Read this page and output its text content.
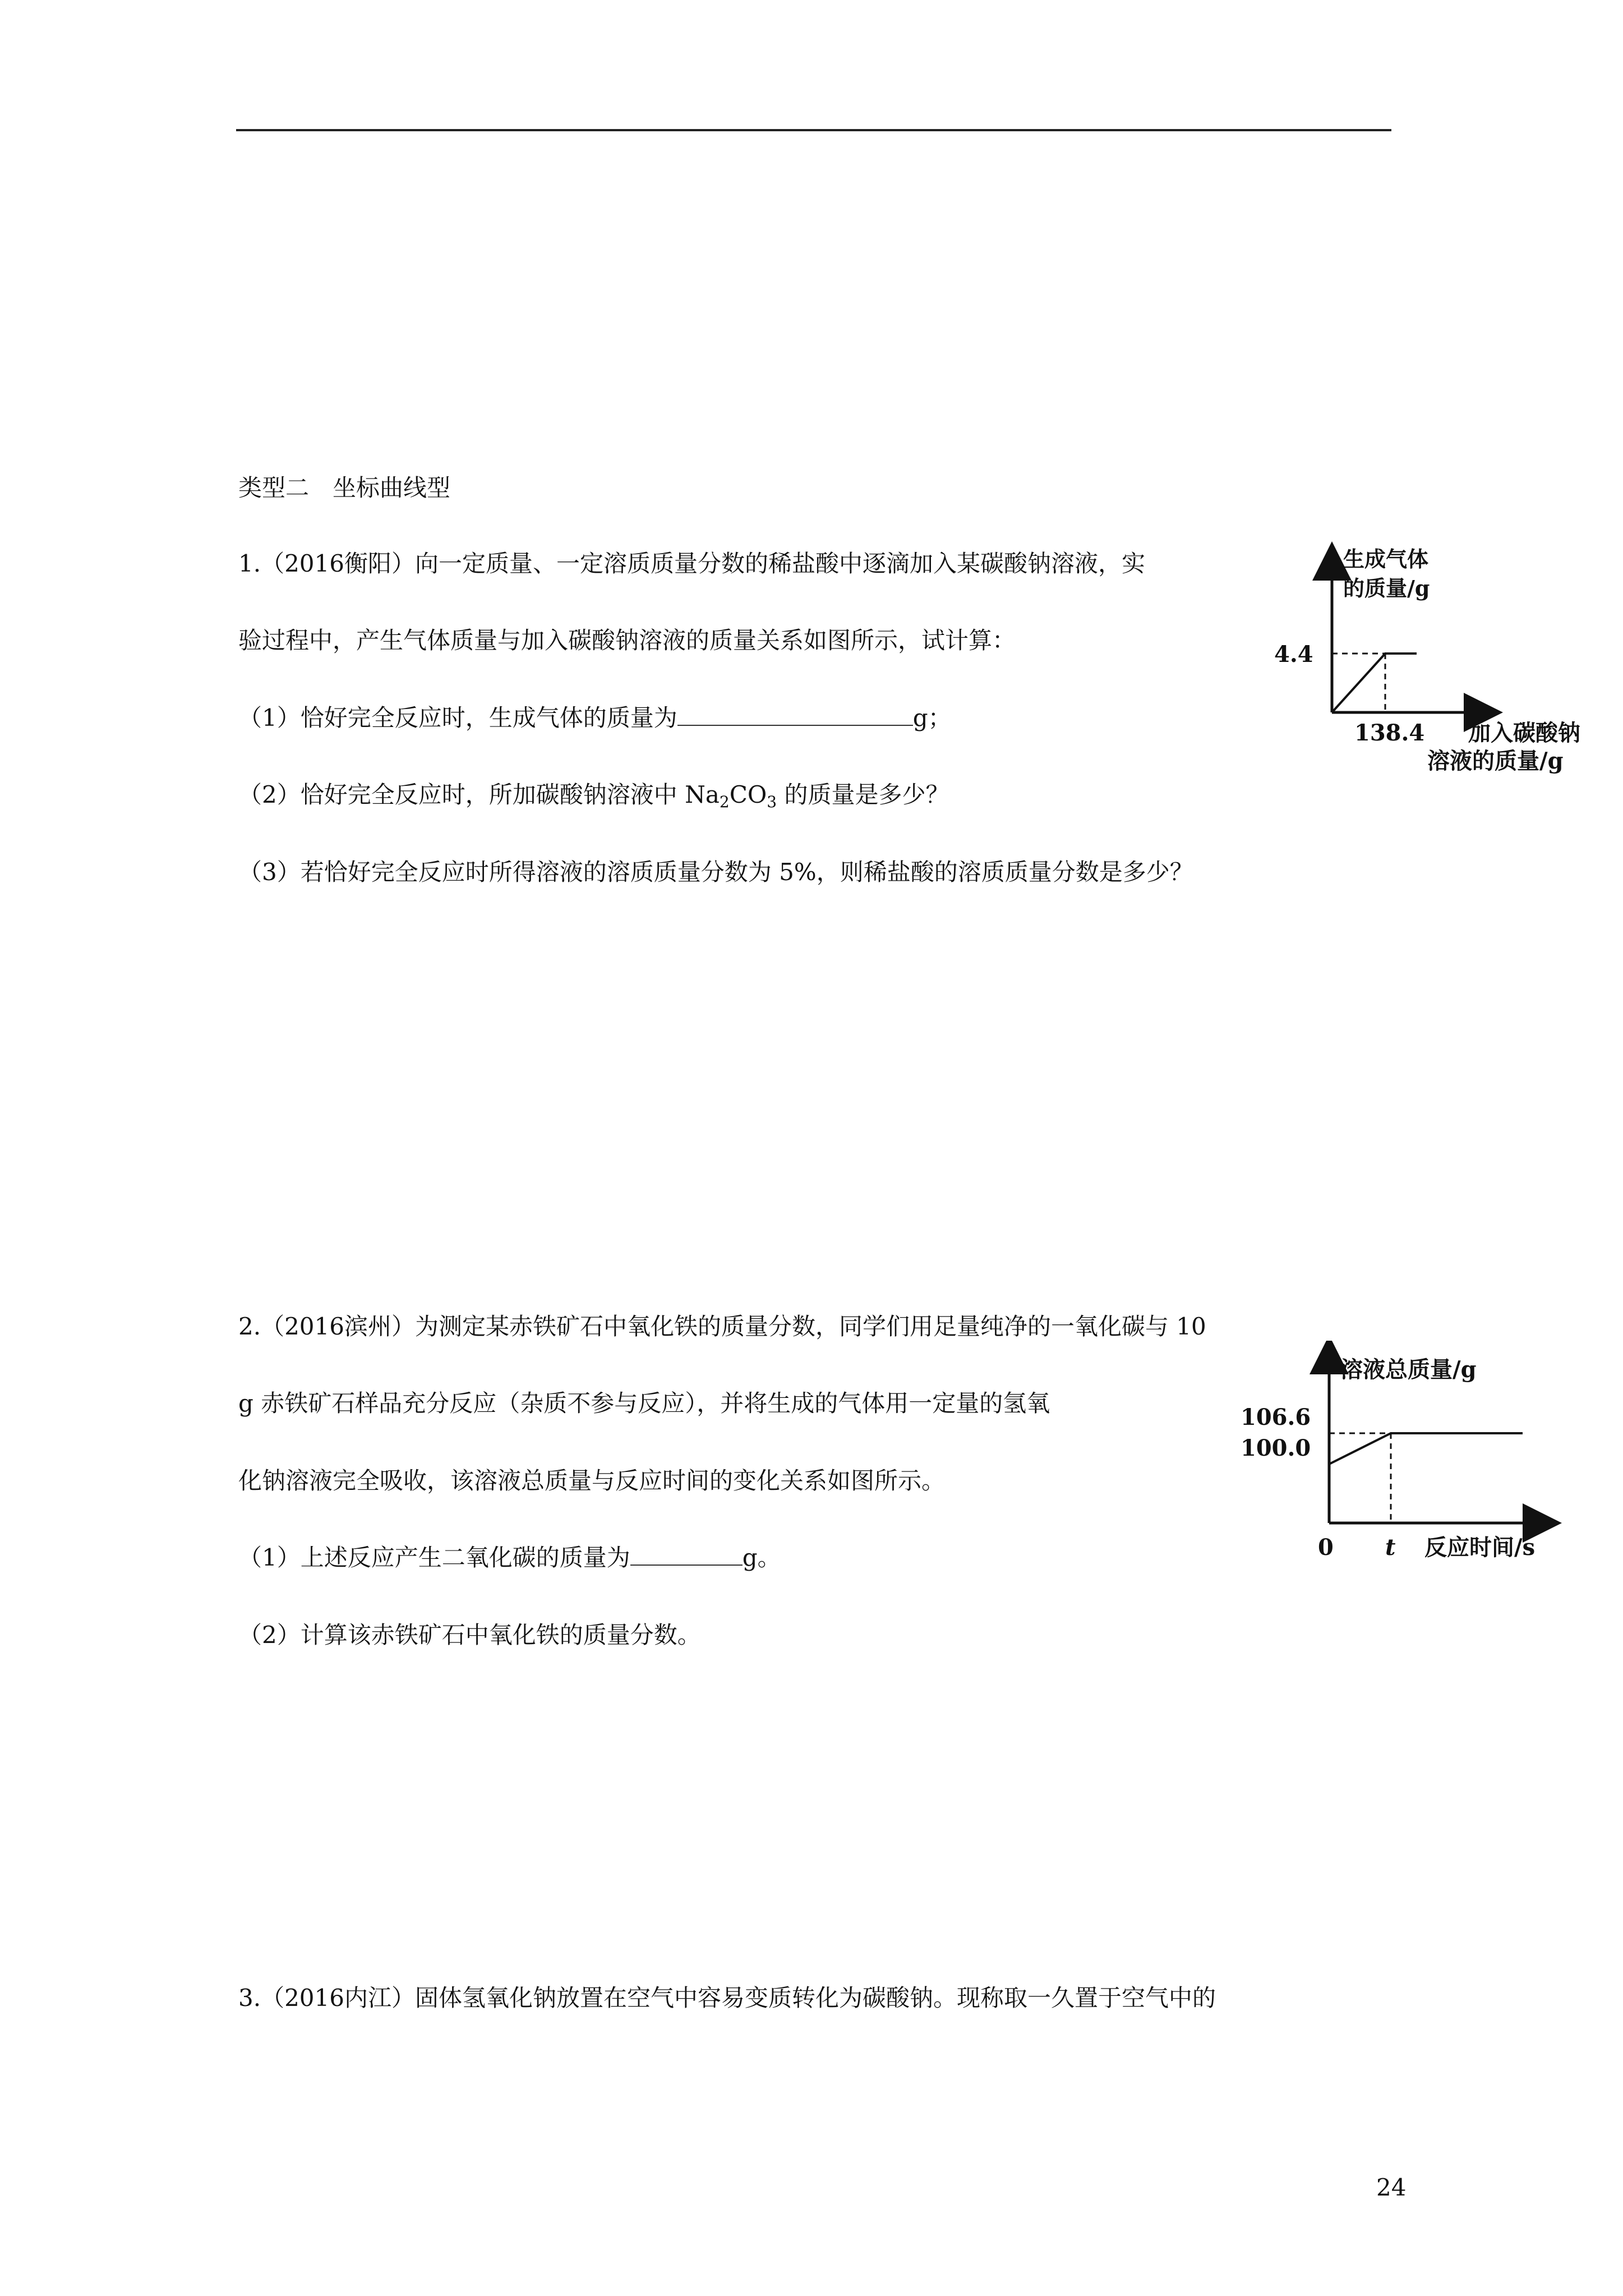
类型二　坐标曲线型
1.（2016衡阳）向一定质量、一定溶质质量分数的稀盐酸中逐滴加入某碳酸钠溶液，实
验过程中，产生气体质量与加入碳酸钠溶液的质量关系如图所示，试计算：
（1）恰好完全反应时，生成气体的质量为	g；
（2）恰好完全反应时，所加碳酸钠溶液中 $Na_2CO_3$ 的质量是多少？
（3）若恰好完全反应时所得溶液的溶质质量分数为 5%，则稀盐酸的溶质质量分数是多少？
生成气体
的质量/g
4.4
138.4 加入碳酸钠
溶液的质量/g
2.（2016滨州）为测定某赤铁矿石中氧化铁的质量分数，同学们用足量纯净的一氧化碳与 10
g 赤铁矿石样品充分反应（杂质不参与反应），并将生成的气体用一定量的氢氧
化钠溶液完全吸收，该溶液总质量与反应时间的变化关系如图所示。
（1）上述反应产生二氧化碳的质量为	g。
（2）计算该赤铁矿石中氧化铁的质量分数。
溶液总质量/g
106.6
100.0
0 t 反应时间/s
3.（2016内江）固体氢氧化钠放置在空气中容易变质转化为碳酸钠。现称取一久置于空气中的
24
